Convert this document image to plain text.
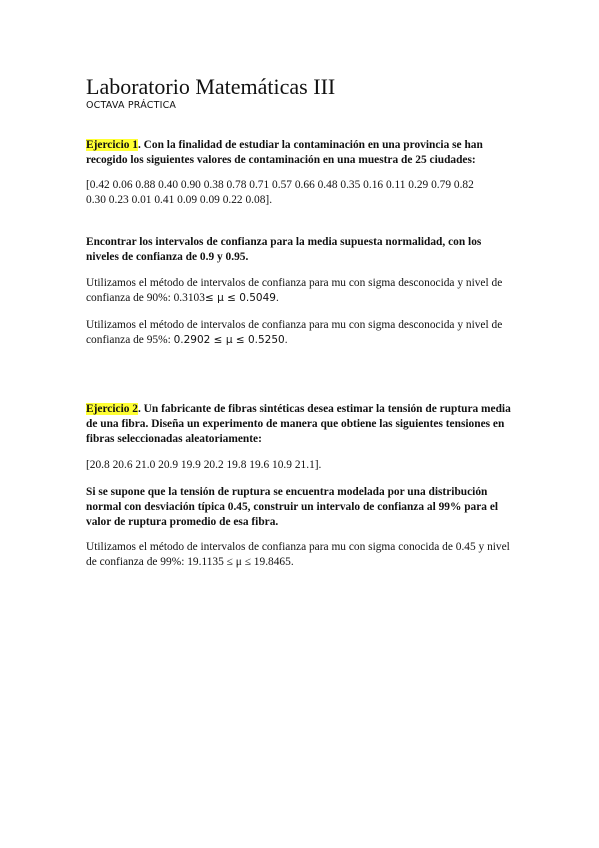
Laboratorio Matemáticas III
OCTAVA PRÁCTICA
Ejercicio 1. Con la finalidad de estudiar la contaminación en una provincia se han recogido los siguientes valores de contaminación en una muestra de 25 ciudades:
[0.42 0.06 0.88 0.40 0.90 0.38 0.78 0.71 0.57 0.66 0.48 0.35 0.16 0.11 0.29 0.79 0.82
0.30 0.23 0.01 0.41 0.09 0.09 0.22 0.08].
Encontrar los intervalos de confianza para la media supuesta normalidad, con los niveles de confianza de 0.9 y 0.95.
Utilizamos el método de intervalos de confianza para mu con sigma desconocida y nivel de confianza de 90%: 0.3103≤ μ ≤ 0.5049.
Utilizamos el método de intervalos de confianza para mu con sigma desconocida y nivel de confianza de 95%: 0.2902 ≤ μ ≤ 0.5250.
Ejercicio 2. Un fabricante de fibras sintéticas desea estimar la tensión de ruptura media de una fibra. Diseña un experimento de manera que obtiene las siguientes tensiones en fibras seleccionadas aleatoriamente:
[20.8 20.6 21.0 20.9 19.9 20.2 19.8 19.6 10.9 21.1].
Si se supone que la tensión de ruptura se encuentra modelada por una distribución normal con desviación típica 0.45, construir un intervalo de confianza al 99% para el valor de ruptura promedio de esa fibra.
Utilizamos el método de intervalos de confianza para mu con sigma conocida de 0.45 y nivel de confianza de 99%: 19.1135 ≤ μ ≤ 19.8465.
